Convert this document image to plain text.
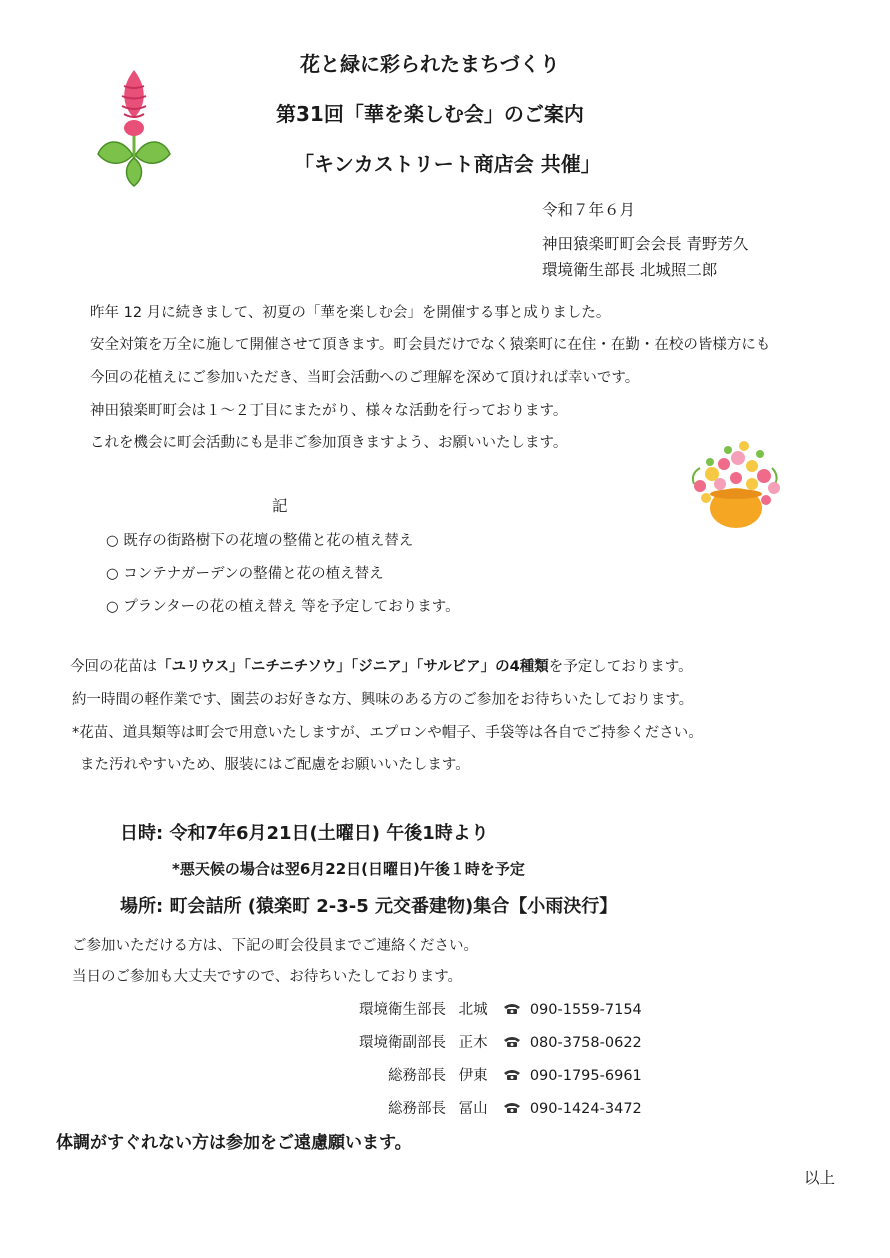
花と緑に彩られたまちづくり
第31回「華を楽しむ会」のご案内
「キンカストリート商店会 共催」
令和７年６月
神田猿楽町町会会長 青野芳久
環境衛生部長 北城照二郎
昨年 12 月に続きまして、初夏の「華を楽しむ会」を開催する事と成りました。
安全対策を万全に施して開催させて頂きます。町会員だけでなく猿楽町に在住・在勤・在校の皆様方にも
今回の花植えにご参加いただき、当町会活動へのご理解を深めて頂ければ幸いです。
神田猿楽町町会は１～２丁目にまたがり、様々な活動を行っております。
これを機会に町会活動にも是非ご参加頂きますよう、お願いいたします。
記
○ 既存の街路樹下の花壇の整備と花の植え替え
○ コンテナガーデンの整備と花の植え替え
○ プランターの花の植え替え 等を予定しております。
今回の花苗は「ユリウス」「ニチニチソウ」「ジニア」「サルビア」の4種類を予定しております。
約一時間の軽作業です、園芸のお好きな方、興味のある方のご参加をお待ちいたしております。
*花苗、道具類等は町会で用意いたしますが、エプロンや帽子、手袋等は各自でご持参ください。
また汚れやすいため、服装にはご配慮をお願いいたします。
日時: 令和7年6月21日(土曜日) 午後1時より
*悪天候の場合は翌6月22日(日曜日)午後１時を予定
場所: 町会詰所 (猿楽町 2-3-5 元交番建物)集合【小雨決行】
ご参加いただける方は、下記の町会役員までご連絡ください。
当日のご参加も大丈夫ですので、お待ちいたしております。
環境衛生部長 北城	090-1559-7154
環境衛副部長 正木	080-3758-0622
総務部長 伊東	090-1795-6961
総務部長 冨山	090-1424-3472
体調がすぐれない方は参加をご遠慮願います。
以上
